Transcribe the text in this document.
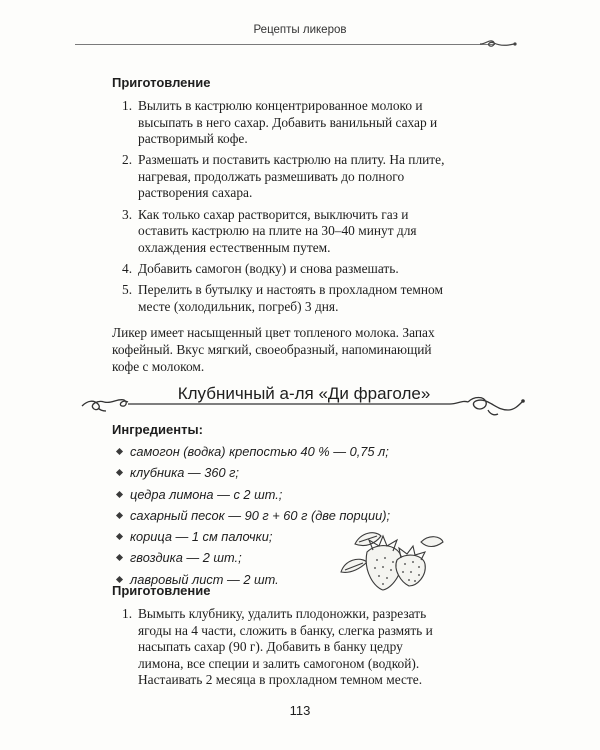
Рецепты ликеров

Приготовление

1. Вылить в кастрюлю концентрированное молоко и высыпать в него сахар. Добавить ванильный сахар и растворимый кофе.
2. Размешать и поставить кастрюлю на плиту. На плите, нагревая, продолжать размешивать до полного растворения сахара.
3. Как только сахар растворится, выключить газ и оставить кастрюлю на плите на 30–40 минут для охлаждения естественным путем.
4. Добавить самогон (водку) и снова размешать.
5. Перелить в бутылку и настоять в прохладном темном месте (холодильник, погреб) 3 дня.

Ликер имеет насыщенный цвет топленого молока. Запах кофейный. Вкус мягкий, своеобразный, напоминающий кофе с молоком.

Клубничный а-ля «Ди фраголе»

Ингредиенты:

самогон (водка) крепостью 40 % — 0,75 л;
клубника — 360 г;
цедра лимона — с 2 шт.;
сахарный песок — 90 г + 60 г (две порции);
корица — 1 см палочки;
гвоздика — 2 шт.;
лавровый лист — 2 шт.

Приготовление

1. Вымыть клубнику, удалить плодоножки, разрезать ягоды на 4 части, сложить в банку, слегка размять и насыпать сахар (90 г). Добавить в банку цедру лимона, все специи и залить самогоном (водкой). Настаивать 2 месяца в прохладном темном месте.
113
